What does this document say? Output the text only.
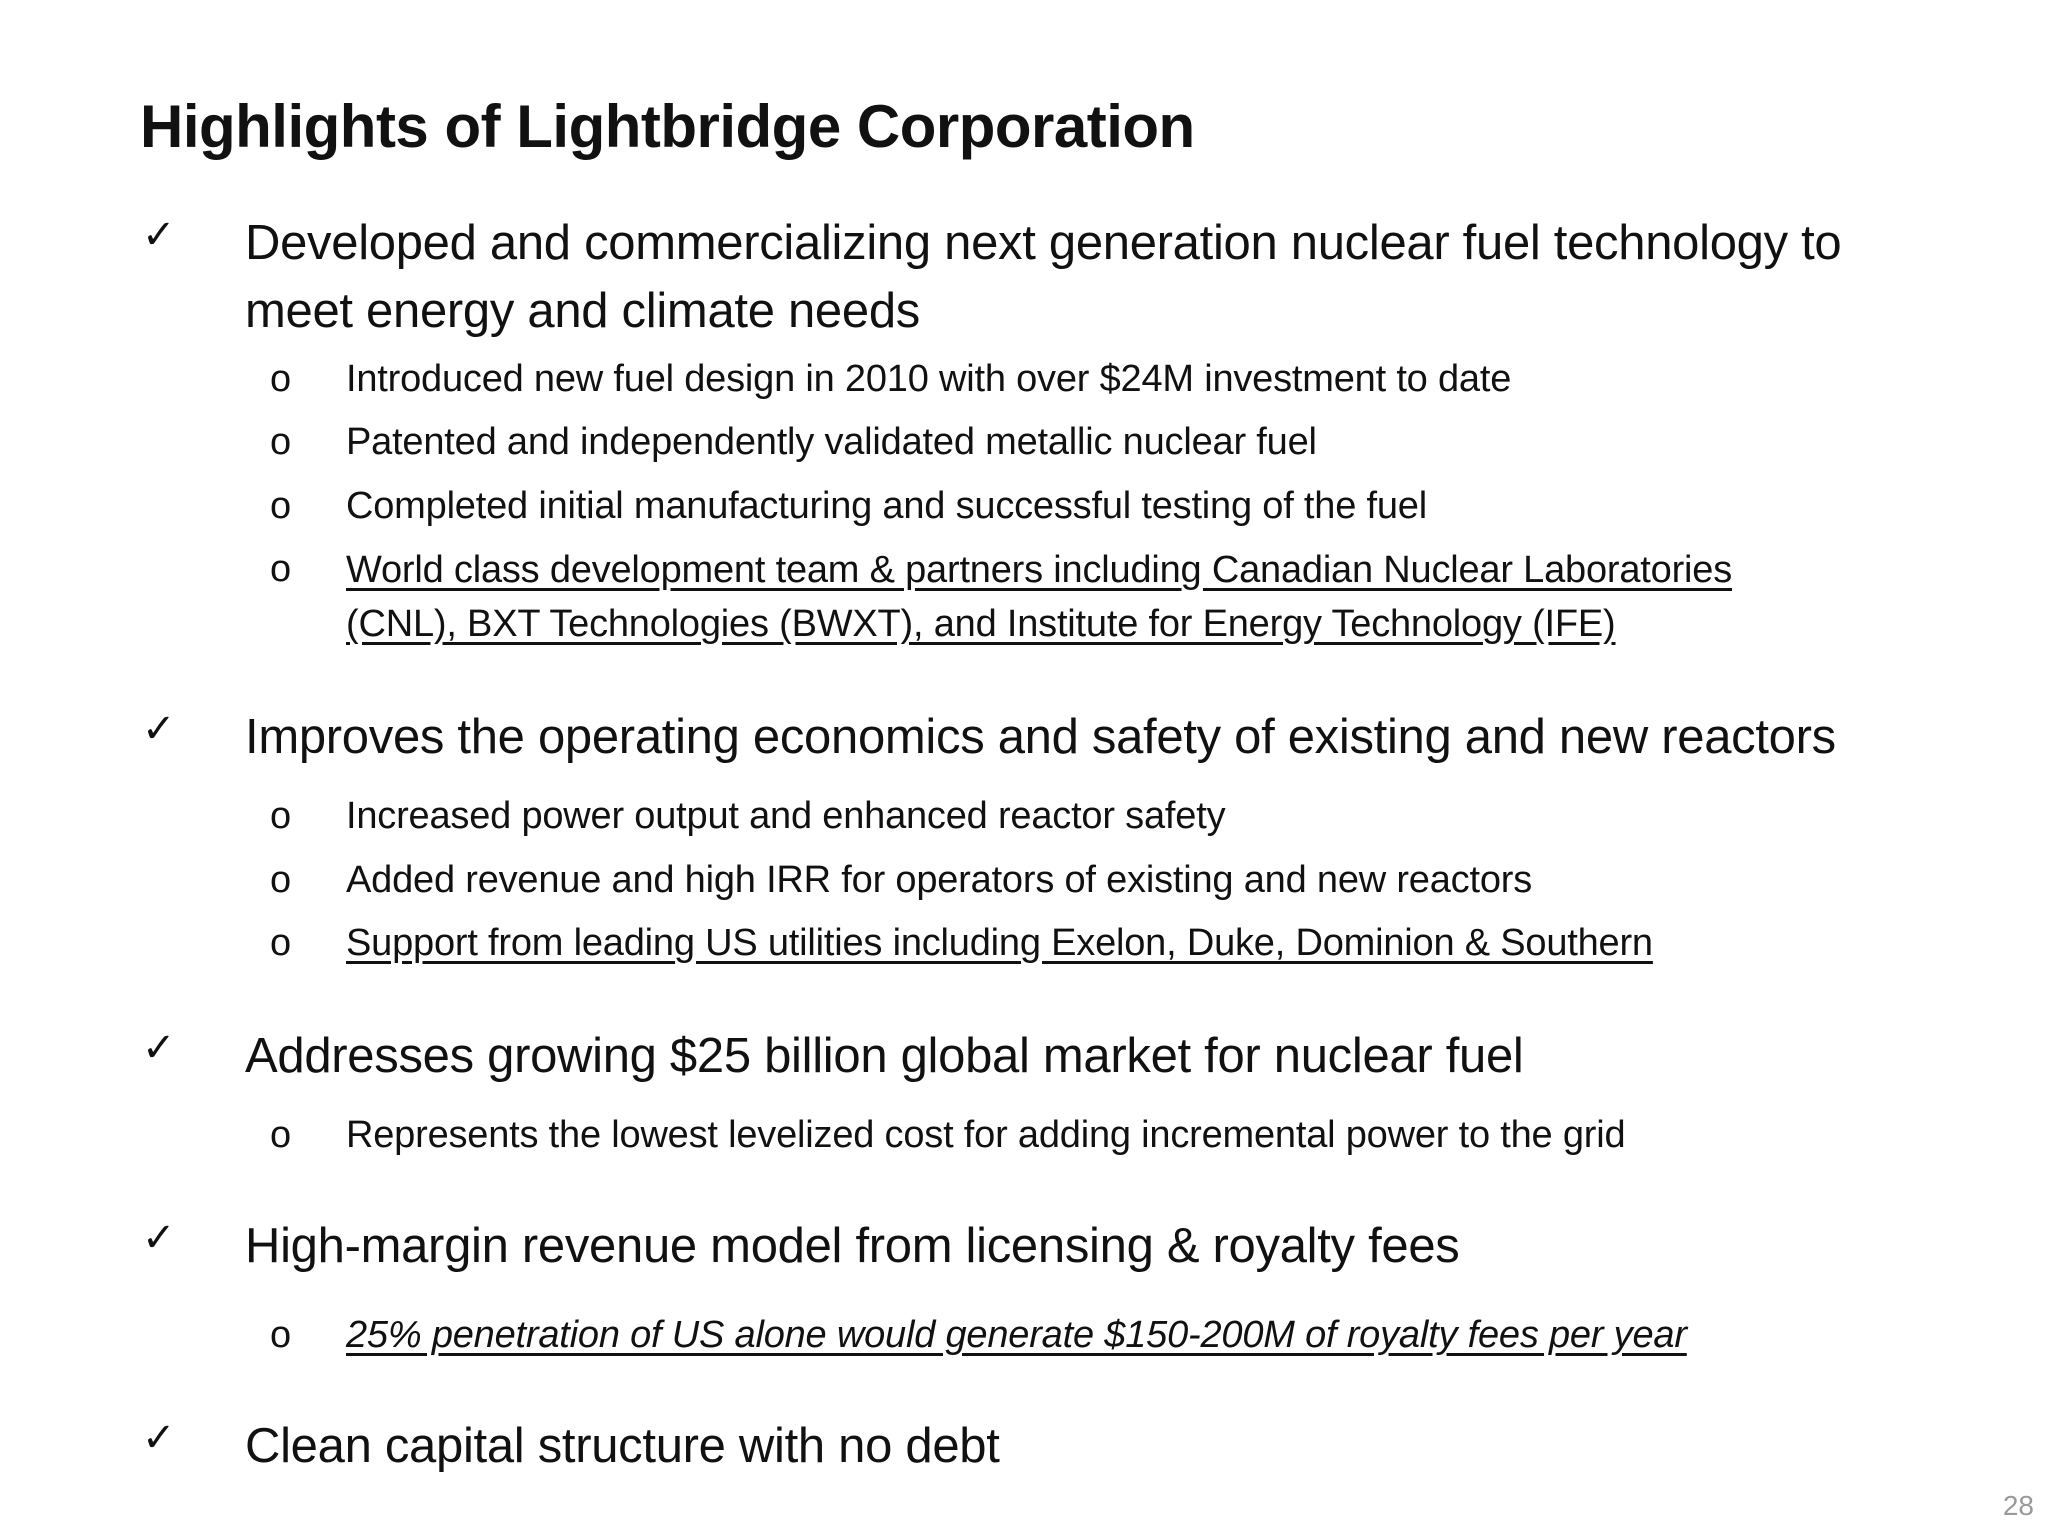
Highlights of Lightbridge Corporation
✓ Developed and commercializing next generation nuclear fuel technology to
meet energy and climate needs
o Introduced new fuel design in 2010 with over $24M investment to date
o Patented and independently validated metallic nuclear fuel
o Completed initial manufacturing and successful testing of the fuel
o World class development team & partners including Canadian Nuclear Laboratories
(CNL), BXT Technologies (BWXT), and Institute for Energy Technology (IFE)
✓ Improves the operating economics and safety of existing and new reactors
o Increased power output and enhanced reactor safety
o Added revenue and high IRR for operators of existing and new reactors
o Support from leading US utilities including Exelon, Duke, Dominion & Southern
✓ Addresses growing $25 billion global market for nuclear fuel
o Represents the lowest levelized cost for adding incremental power to the grid
✓ High-margin revenue model from licensing & royalty fees
o 25% penetration of US alone would generate $150-200M of royalty fees per year
✓ Clean capital structure with no debt
28
